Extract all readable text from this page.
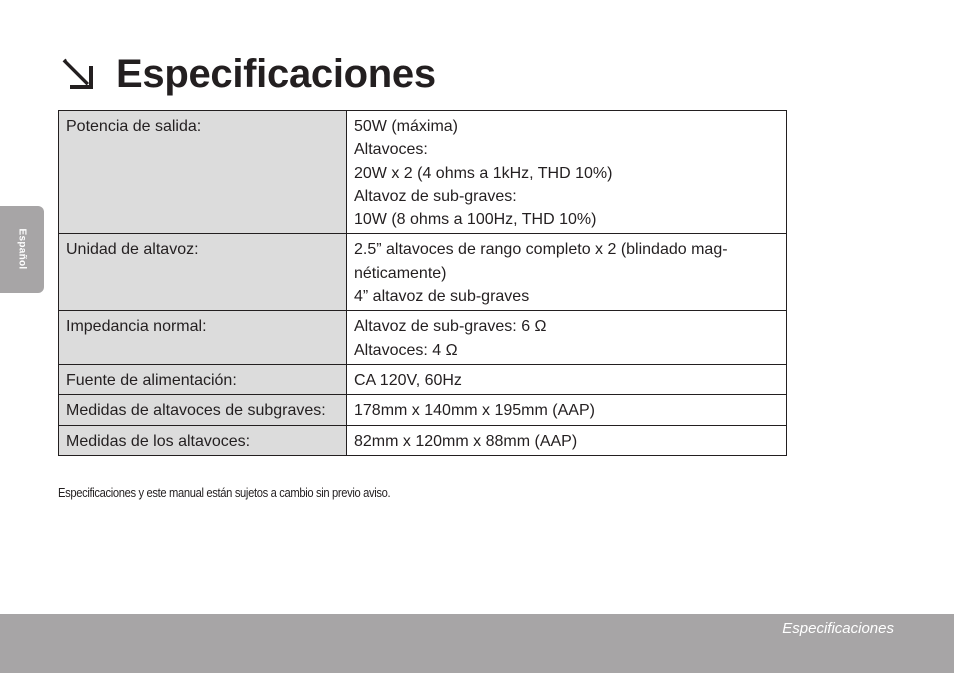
Español
Especificaciones
Potencia de salida:	50W (máxima)
Altavoces:
20W x 2 (4 ohms a 1kHz, THD 10%)
Altavoz de sub-graves:
10W (8 ohms a 100Hz, THD 10%)

Unidad de altavoz:	2.5” altavoces de rango completo x 2 (blindado mag-
néticamente)
4” altavoz de sub-graves

Impedancia normal:	Altavoz de sub-graves: 6 Ω
Altavoces: 4 Ω

Fuente de alimentación:	CA 120V, 60Hz

Medidas de altavoces de subgraves:	178mm x 140mm x 195mm (AAP)

Medidas de los altavoces:	82mm x 120mm x 88mm (AAP)
Especificaciones y este manual están sujetos a cambio sin previo aviso.
Especificaciones
